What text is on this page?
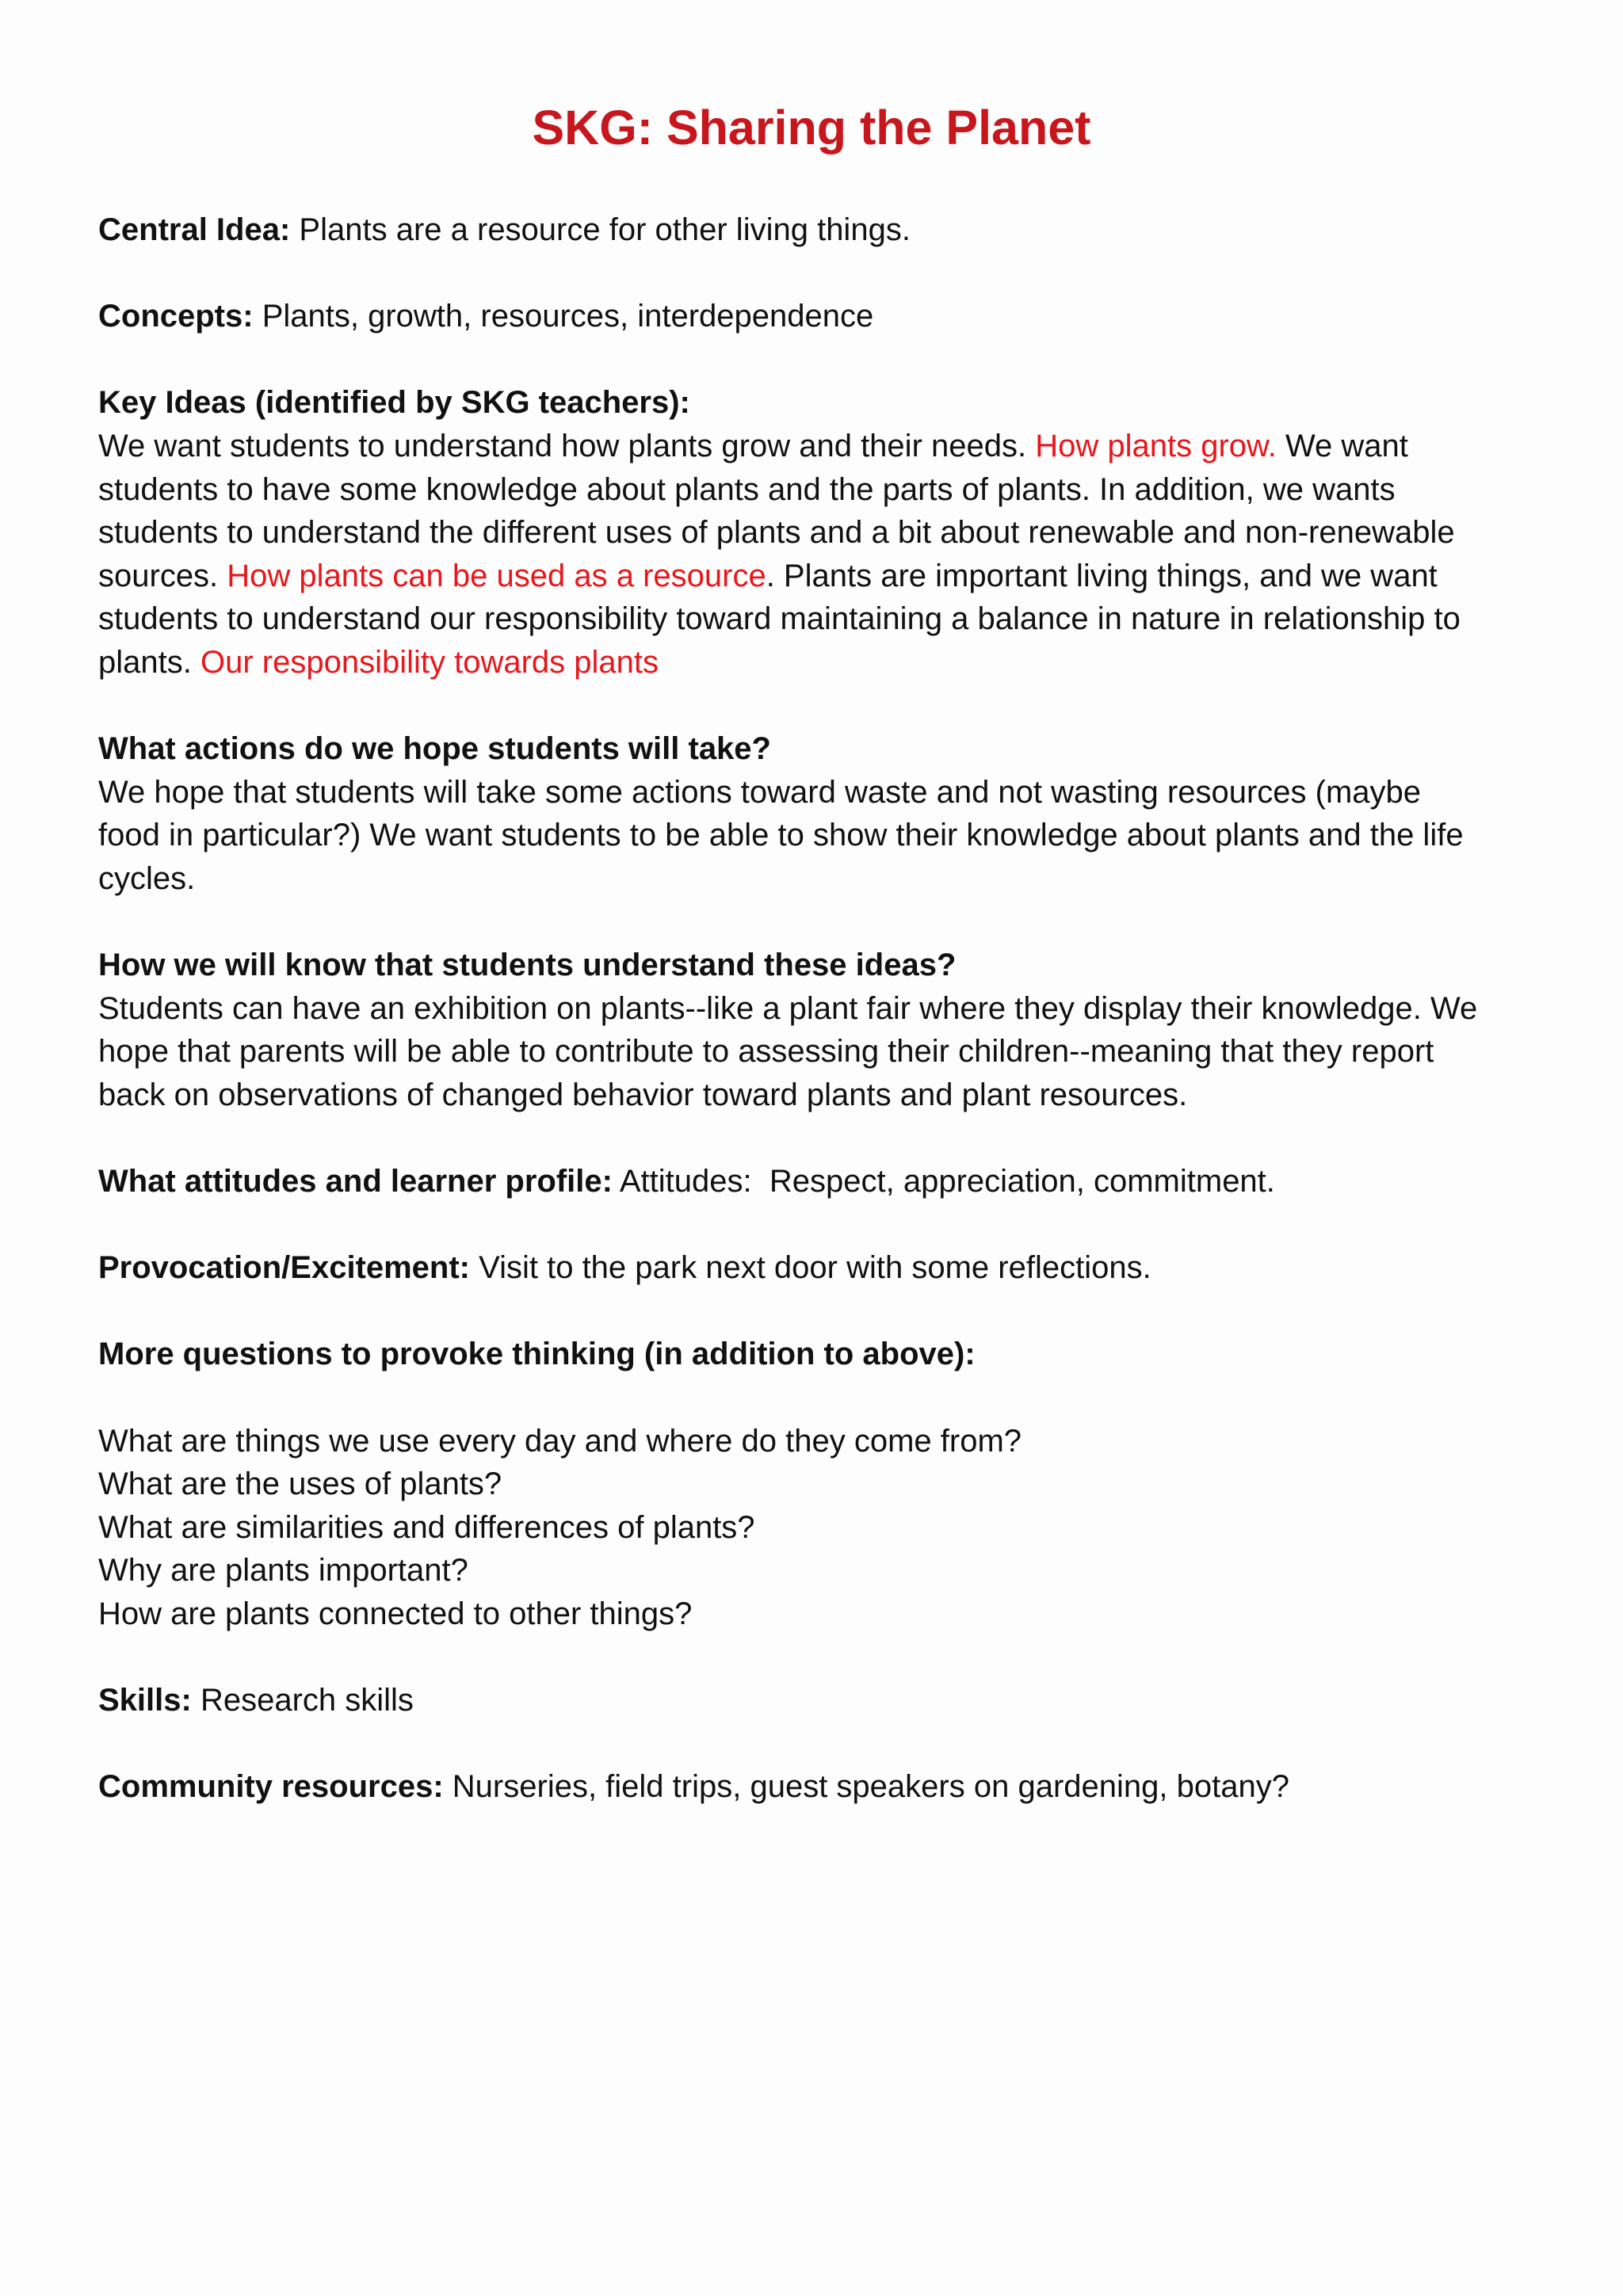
SKG: Sharing the Planet
Central Idea: Plants are a resource for other living things.
Concepts: Plants, growth, resources, interdependence
Key Ideas (identified by SKG teachers):
We want students to understand how plants grow and their needs. How plants grow. We want
students to have some knowledge about plants and the parts of plants. In addition, we wants
students to understand the different uses of plants and a bit about renewable and non-renewable
sources. How plants can be used as a resource. Plants are important living things, and we want
students to understand our responsibility toward maintaining a balance in nature in relationship to
plants. Our responsibility towards plants
What actions do we hope students will take?
We hope that students will take some actions toward waste and not wasting resources (maybe
food in particular?) We want students to be able to show their knowledge about plants and the life
cycles.
How we will know that students understand these ideas?
Students can have an exhibition on plants--like a plant fair where they display their knowledge. We
hope that parents will be able to contribute to assessing their children--meaning that they report
back on observations of changed behavior toward plants and plant resources.
What attitudes and learner profile: Attitudes:  Respect, appreciation, commitment.
Provocation/Excitement: Visit to the park next door with some reflections.
More questions to provoke thinking (in addition to above):
What are things we use every day and where do they come from?
What are the uses of plants?
What are similarities and differences of plants?
Why are plants important?
How are plants connected to other things?
Skills: Research skills
Community resources: Nurseries, field trips, guest speakers on gardening, botany?
